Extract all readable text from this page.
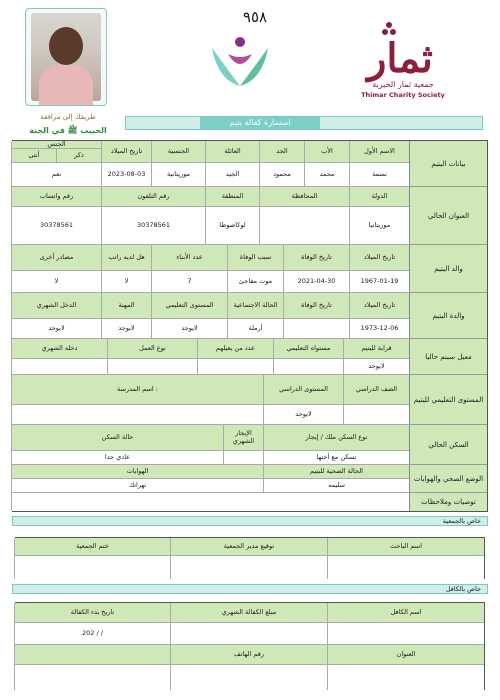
طريقك إلى مرافقة
الحبيب ﷺ في الجنة
٩٥٨
ثمار
جمعية ثمار الخيرية
Thimar Charity Society
استمارة كفالة يتيم
بيانات اليتيم
الاسم الأول
الأب
الجد
العائلة
الجنسية
تاريخ الميلاد
الجنس
ذكر
أنثى
نسمة
محمد
محمود
الجيد
موريتانية
2023-08-03
نعم
العنوان الحالي
الدولة
المحافظة
المنطقة
رقم التلفون
رقم واتساب
موريتانيا
لوكاصوطا
30378561
30378561
والد اليتيم
تاريخ الميلاد
تاريخ الوفاة
سبب الوفاة
عدد الأبناء
هل لديه راتب
مصادر أخرى
1967-01-19
2021-04-30
موت مفاجئ
7
لا
لا
والدة اليتيم
تاريخ الميلاد
تاريخ الوفاة
الحالة الاجتماعية
المستوى التعليمي
المهنة
الدخل الشهري
1973-12-06
أرملة
لايوجد
لايوجد
لايوجد
معيل سينم حاليا
قرابة لليتيم
مستواه التعليمي
عدد من يعيلهم
نوع العمل
دخله الشهري
لايوجد
المستوى التعليمي لليتيم
الصف الدراسي
المستوى الدراسي
اسم المدرسة :
لايوجد
السكن الحالي
نوع السكن ملك / إيجار
الإيجار الشهري
حالة السكن
تسكن مع أختها
عادي جدا
الوضع الصحي والهوايات
الحالة الصحية لليتيم
الهوايات
سليمه
تهراتك
توصيات وملاحظات
خاص بالجمعية
اسم الباحث
توقيع مدير الجمعية
ختم الجمعية
خاص بالكافل
اسم الكافل
مبلغ الكفالة الشهري
تاريخ بدء الكفالة
202 / /
العنوان
رقم الهاتف
